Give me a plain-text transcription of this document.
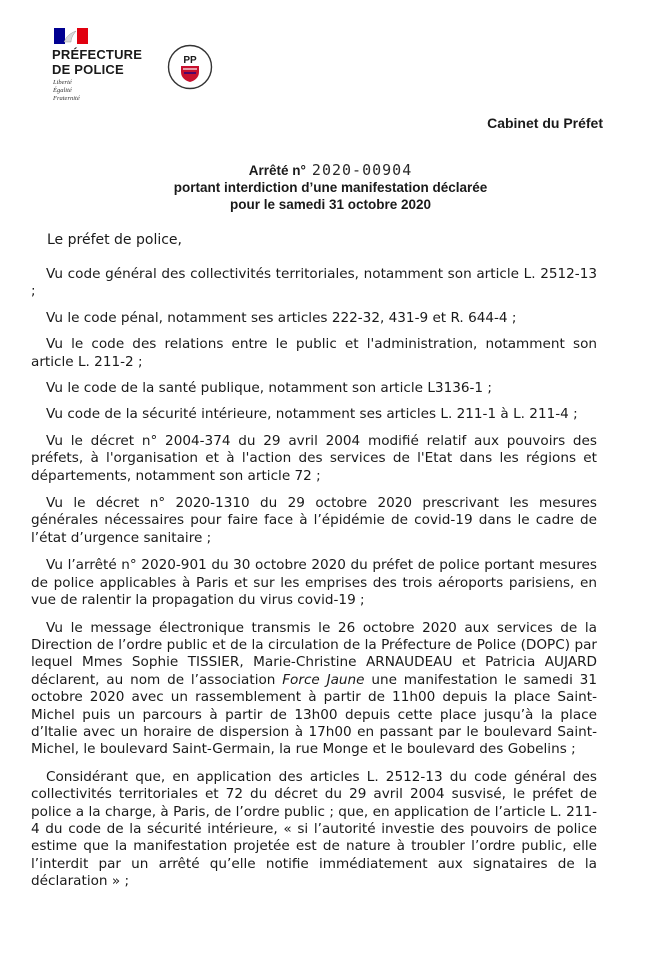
PRÉFECTURE
DE POLICE
Liberté
Égalité
Fraternité
PP
Cabinet du Préfet
Arrêté n° 2020-00904
portant interdiction d’une manifestation déclarée
pour le samedi 31 octobre 2020
Le préfet de police,

Vu code général des collectivités territoriales, notamment son article L. 2512-13 ;

Vu le code pénal, notamment ses articles 222-32, 431-9 et R. 644-4 ;

Vu le code des relations entre le public et l'administration, notamment son article L. 211-2 ;

Vu le code de la santé publique, notamment son article L3136-1 ;

Vu code de la sécurité intérieure, notamment ses articles L. 211-1 à L. 211-4 ;

Vu le décret n° 2004-374 du 29 avril 2004 modifié relatif aux pouvoirs des préfets, à l'organisation et à l'action des services de l'Etat dans les régions et départements, notamment son article 72 ;

Vu le décret n° 2020-1310 du 29 octobre 2020 prescrivant les mesures générales nécessaires pour faire face à l’épidémie de covid-19 dans le cadre de l’état d’urgence sanitaire ;

Vu l’arrêté n° 2020-901 du 30 octobre 2020 du préfet de police portant mesures de police applicables à Paris et sur les emprises des trois aéroports parisiens, en vue de ralentir la propagation du virus covid-19 ;

Vu le message électronique transmis le 26 octobre 2020 aux services de la Direction de l’ordre public et de la circulation de la Préfecture de Police (DOPC) par lequel Mmes Sophie TISSIER, Marie-Christine ARNAUDEAU et Patricia AUJARD déclarent, au nom de l’association Force Jaune une manifestation le samedi 31 octobre 2020 avec un rassemblement à partir de 11h00 depuis la place Saint-Michel puis un parcours à partir de 13h00 depuis cette place jusqu’à la place d’Italie avec un horaire de dispersion à 17h00 en passant par le boulevard Saint-Michel, le boulevard Saint-Germain, la rue Monge et le boulevard des Gobelins ;

Considérant que, en application des articles L. 2512-13 du code général des collectivités territoriales et 72 du décret du 29 avril 2004 susvisé, le préfet de police a la charge, à Paris, de l’ordre public ; que, en application de l’article L. 211-4 du code de la sécurité intérieure, « si l’autorité investie des pouvoirs de police estime que la manifestation projetée est de nature à troubler l’ordre public, elle l’interdit par un arrêté qu’elle notifie immédiatement aux signataires de la déclaration » ;
